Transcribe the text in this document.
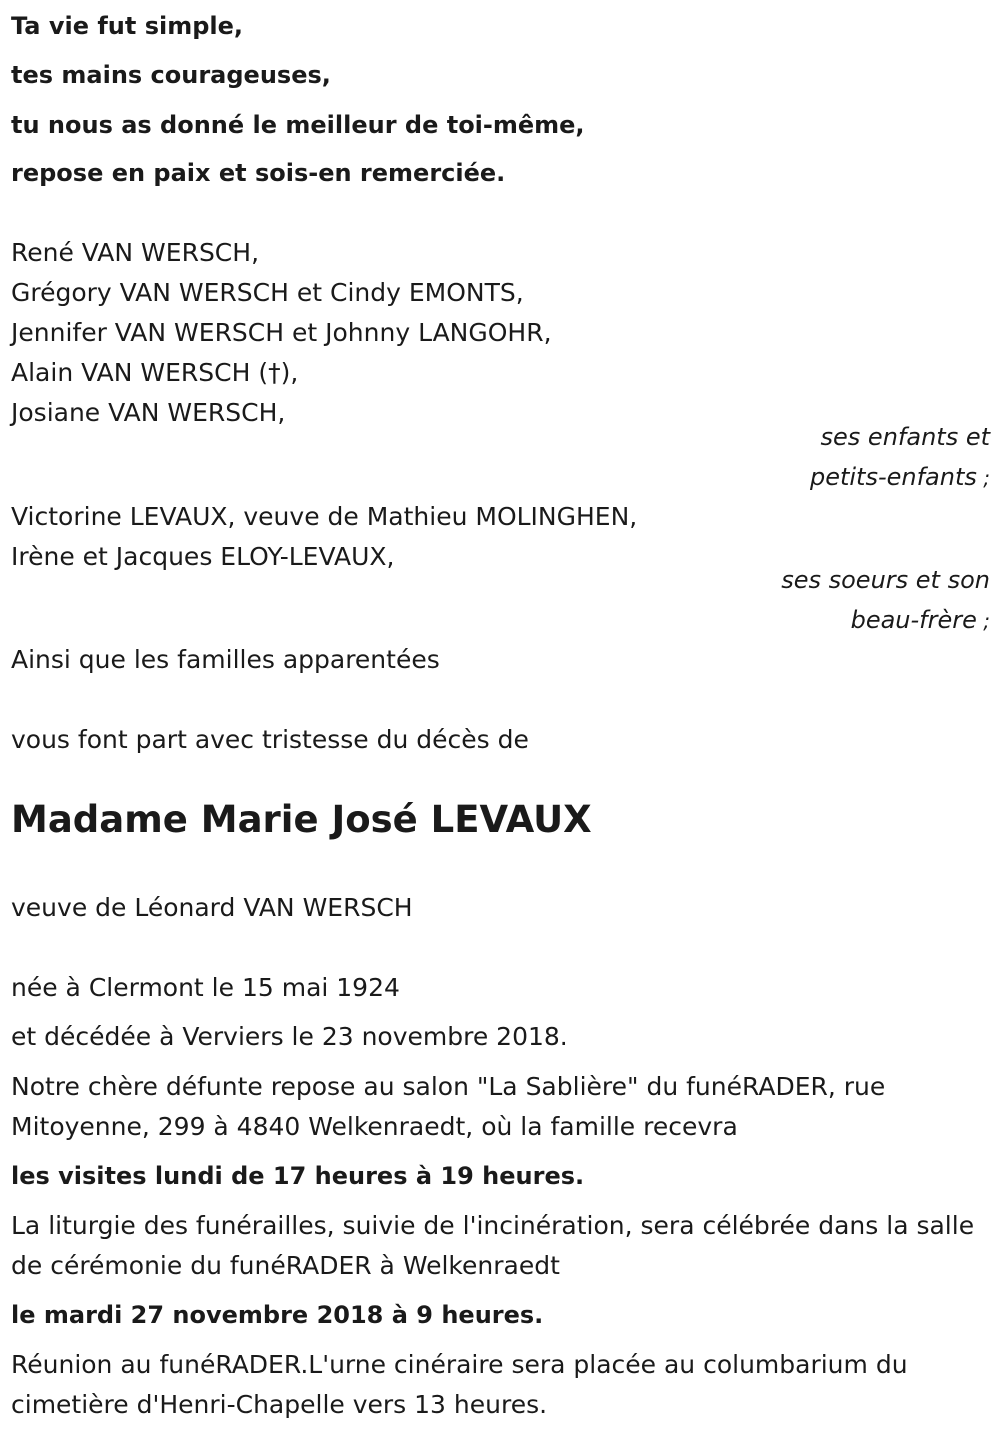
Ta vie fut simple,

tes mains courageuses,

tu nous as donné le meilleur de toi-même,

repose en paix et sois-en remerciée.

René VAN WERSCH,

Grégory VAN WERSCH et Cindy EMONTS,

Jennifer VAN WERSCH et Johnny LANGOHR,

Alain VAN WERSCH (†),

Josiane VAN WERSCH,

ses enfants et

petits-enfants ;

Victorine LEVAUX, veuve de Mathieu MOLINGHEN,

Irène et Jacques ELOY-LEVAUX,

ses soeurs et son

beau-frère ;

Ainsi que les familles apparentées

vous font part avec tristesse du décès de

Madame Marie José LEVAUX

veuve de Léonard VAN WERSCH

née à Clermont le 15 mai 1924

et décédée à Verviers le 23 novembre 2018.

Notre chère défunte repose au salon "La Sablière" du funéRADER, rue Mitoyenne, 299 à 4840 Welkenraedt, où la famille recevra

les visites lundi de 17 heures à 19 heures.

La liturgie des funérailles, suivie de l'incinération, sera célébrée dans la salle de cérémonie du funéRADER à Welkenraedt

le mardi 27 novembre 2018 à 9 heures.

Réunion au funéRADER.L'urne cinéraire sera placée au columbarium du cimetière d'Henri-Chapelle vers 13 heures.
